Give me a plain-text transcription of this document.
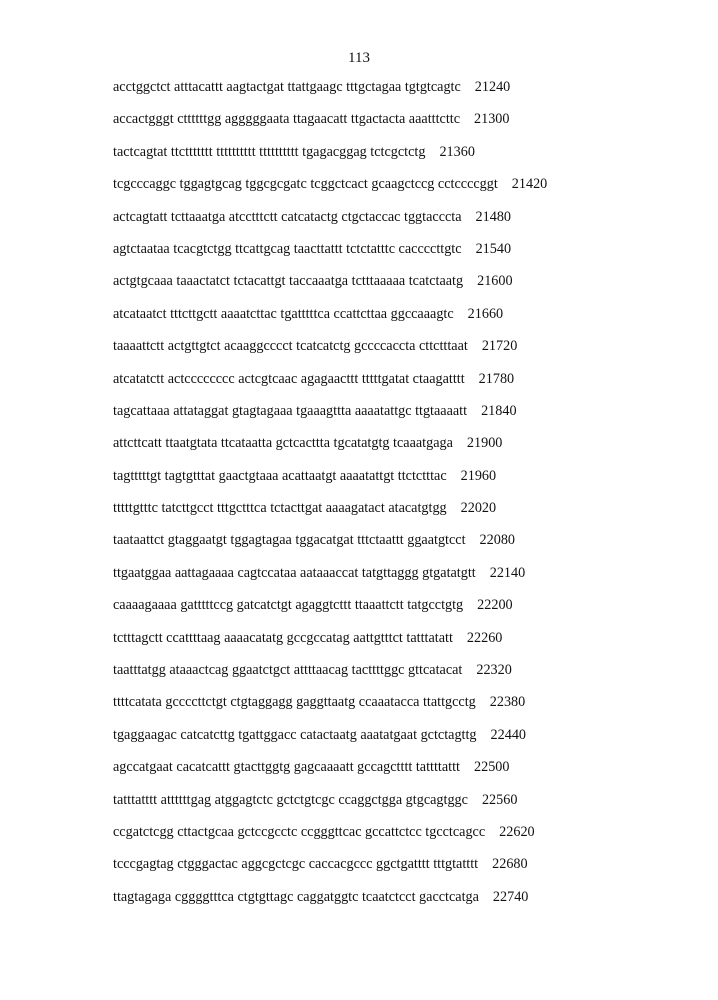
113
acctggctct atttacattt aagtactgat ttattgaagc tttgctagaa tgtgtcagtc 21240
accactgggt cttttttgg agggggaata ttagaacatt ttgactacta aaatttcttc 21300
tactcagtat ttcttttttt tttttttttt tttttttttt tgagacggag tctcgctctg 21360
tcgcccaggc tggagtgcag tggcgcgatc tcggctcact gcaagctccg cctccccggt 21420
actcagtatt tcttaaatga atcctttctt catcatactg ctgctaccac tggtacccta 21480
agtctaataa tcacgtctgg ttcattgcag taacttattt tctctatttc caccccttgtc 21540
actgtgcaaa taaactatct tctacattgt taccaaatga tctttaaaaa tcatctaatg 21600
atcataatct tttcttgctt aaaatcttac tgatttttca ccattcttaa ggccaaagtc 21660
taaaattctt actgttgtct acaaggcccct tcatcatctg gccccaccta cttctttaat 21720
atcatatctt actcccccccc actcgtcaac agagaacttt tttttgatat ctaagatttt 21780
tagcattaaa attataggat gtagtagaaa tgaaagttta aaaatattgc ttgtaaaatt 21840
attcttcatt ttaatgtata ttcataatta gctcacttta tgcatatgtg tcaaatgaga 21900
tagtttttgt tagtgtttat gaactgtaaa acattaatgt aaaatattgt ttctctttac 21960
tttttgtttc tatcttgcct tttgctttca tctacttgat aaaagatact atacatgtgg 22020
taataattct gtaggaatgt tggagtagaa tggacatgat tttctaattt ggaatgtcct 22080
ttgaatggaa aattagaaaa cagtccataa aataaaccat tatgttaggg gtgatatgtt 22140
caaaagaaaa gatttttccg gatcatctgt agaggtcttt ttaaattctt tatgcctgtg 22200
tctttagctt ccattttaag aaaacatatg gccgccatag aattgtttct tatttatatt 22260
taatttatgg ataaactcag ggaatctgct attttaacag tacttttggc gttcatacat 22320
ttttcatata gccccttctgt ctgtaggagg gaggttaatg ccaaatacca ttattgcctg 22380
tgaggaagac catcatcttg tgattggacc catactaatg aaatatgaat gctctagttg 22440
agccatgaat cacatcattt gtacttggtg gagcaaaatt gccagctttt tattttattt 22500
tatttatttt attttttgag atggagtctc gctctgtcgc ccaggctgga gtgcagtggc 22560
ccgatctcgg cttactgcaa gctccgcctc ccgggttcac gccattctcc tgcctcagcc 22620
tcccgagtag ctgggactac aggcgctcgc caccacgccc ggctgatttt tttgtatttt 22680
ttagtagaga cggggtttca ctgtgttagc caggatggtc tcaatctcct gacctcatga 22740
